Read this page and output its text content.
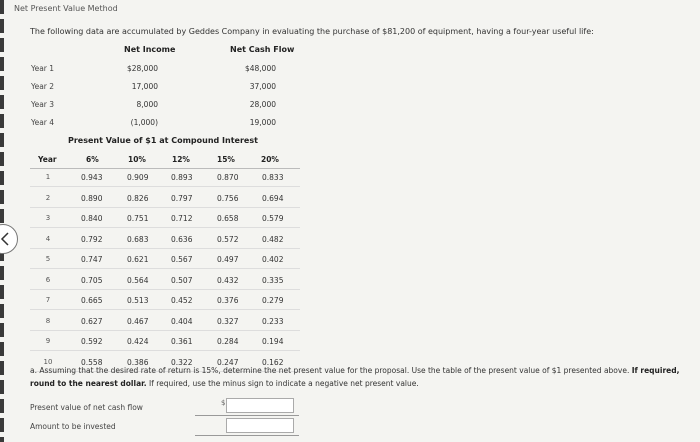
Net Present Value Method
The following data are accumulated by Geddes Company in evaluating the purchase of $81,200 of equipment, having a four-year useful life:
Net Income	Net Cash Flow
Year 1	$28,000	$48,000
Year 2	17,000	37,000
Year 3	8,000	28,000
Year 4	(1,000)	19,000
Present Value of $1 at Compound Interest
Year	6%	10%	12%	15%	20%
1	0.943	0.909	0.893	0.870	0.833
2	0.890	0.826	0.797	0.756	0.694
3	0.840	0.751	0.712	0.658	0.579
4	0.792	0.683	0.636	0.572	0.482
5	0.747	0.621	0.567	0.497	0.402
6	0.705	0.564	0.507	0.432	0.335
7	0.665	0.513	0.452	0.376	0.279
8	0.627	0.467	0.404	0.327	0.233
9	0.592	0.424	0.361	0.284	0.194
10	0.558	0.386	0.322	0.247	0.162
a. Assuming that the desired rate of return is 15%, determine the net present value for the proposal. Use the table of the present value of $1 presented above. If required, round to the nearest dollar. If required, use the minus sign to indicate a negative net present value.
Present value of net cash flow	$
Amount to be invested
